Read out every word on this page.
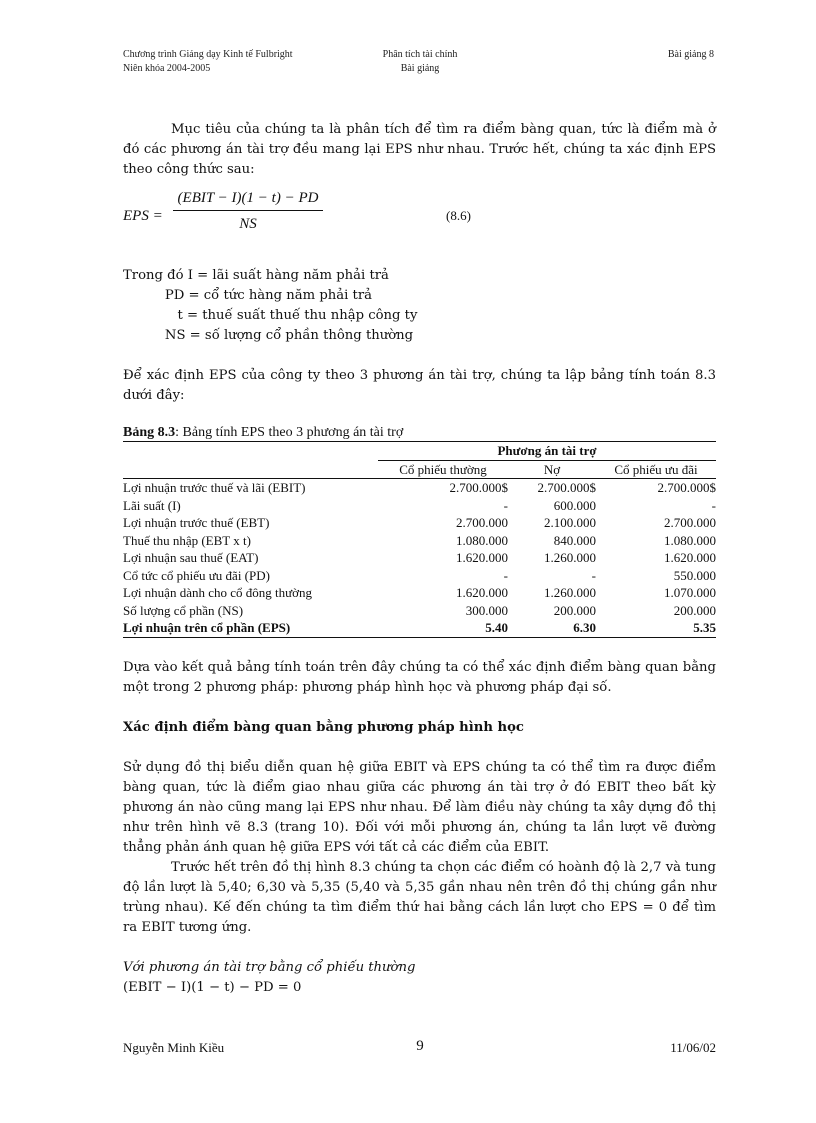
Chương trình Giảng dạy Kinh tế Fulbright
Niên khóa 2004-2005
Phân tích tài chính
Bài giảng
Bài giảng 8

Mục tiêu của chúng ta là phân tích để tìm ra điểm bàng quan, tức là điểm mà ở đó các phương án tài trợ đều mang lại EPS như nhau. Trước hết, chúng ta xác định EPS theo công thức sau:

EPS =
(EBIT − I)(1 − t) − PD
NS
(8.6)
Trong đó I = lãi suất hàng năm phải trả
PD = cổ tức hàng năm phải trả
t = thuế suất thuế thu nhập công ty
NS = số lượng cổ phần thông thường

Để xác định EPS của công ty theo 3 phương án tài trợ, chúng ta lập bảng tính toán 8.3 dưới đây:

Bảng 8.3: Bảng tính EPS theo 3 phương án tài trợ
	Phương án tài trợ		
	Cổ phiếu thường	Nợ	Cổ phiếu ưu đãi
Lợi nhuận trước thuế và lãi (EBIT)	2.700.000$	2.700.000$	2.700.000$
Lãi suất (I)	-	600.000	-
Lợi nhuận trước thuế (EBT)	2.700.000	2.100.000	2.700.000
Thuế thu nhập (EBT x t)	1.080.000	840.000	1.080.000
Lợi nhuận sau thuế (EAT)	1.620.000	1.260.000	1.620.000
Cổ tức cổ phiếu ưu đãi (PD)	-	-	550.000
Lợi nhuận dành cho cổ đông thường	1.620.000	1.260.000	1.070.000
Số lượng cổ phần (NS)	300.000	200.000	200.000
Lợi nhuận trên cổ phần (EPS)	5.40	6.30	5.35

Dựa vào kết quả bảng tính toán trên đây chúng ta có thể xác định điểm bàng quan bằng một trong 2 phương pháp: phương pháp hình học và phương pháp đại số.

Xác định điểm bàng quan bằng phương pháp hình học

Sử dụng đồ thị biểu diễn quan hệ giữa EBIT và EPS chúng ta có thể tìm ra được điểm bàng quan, tức là điểm giao nhau giữa các phương án tài trợ ở đó EBIT theo bất kỳ phương án nào cũng mang lại EPS như nhau. Để làm điều này chúng ta xây dựng đồ thị như trên hình vẽ 8.3 (trang 10). Đối với mỗi phương án, chúng ta lần lượt vẽ đường thẳng phản ánh quan hệ giữa EPS với tất cả các điểm của EBIT.

Trước hết trên đồ thị hình 8.3 chúng ta chọn các điểm có hoành độ là 2,7 và tung độ lần lượt là 5,40; 6,30 và 5,35 (5,40 và 5,35 gần nhau nên trên đồ thị chúng gần như trùng nhau). Kế đến chúng ta tìm điểm thứ hai bằng cách lần lượt cho EPS = 0 để tìm ra EBIT tương ứng.

Với phương án tài trợ bằng cổ phiếu thường
(EBIT − I)(1 − t) − PD = 0
Nguyễn Minh Kiều	9	11/06/02
